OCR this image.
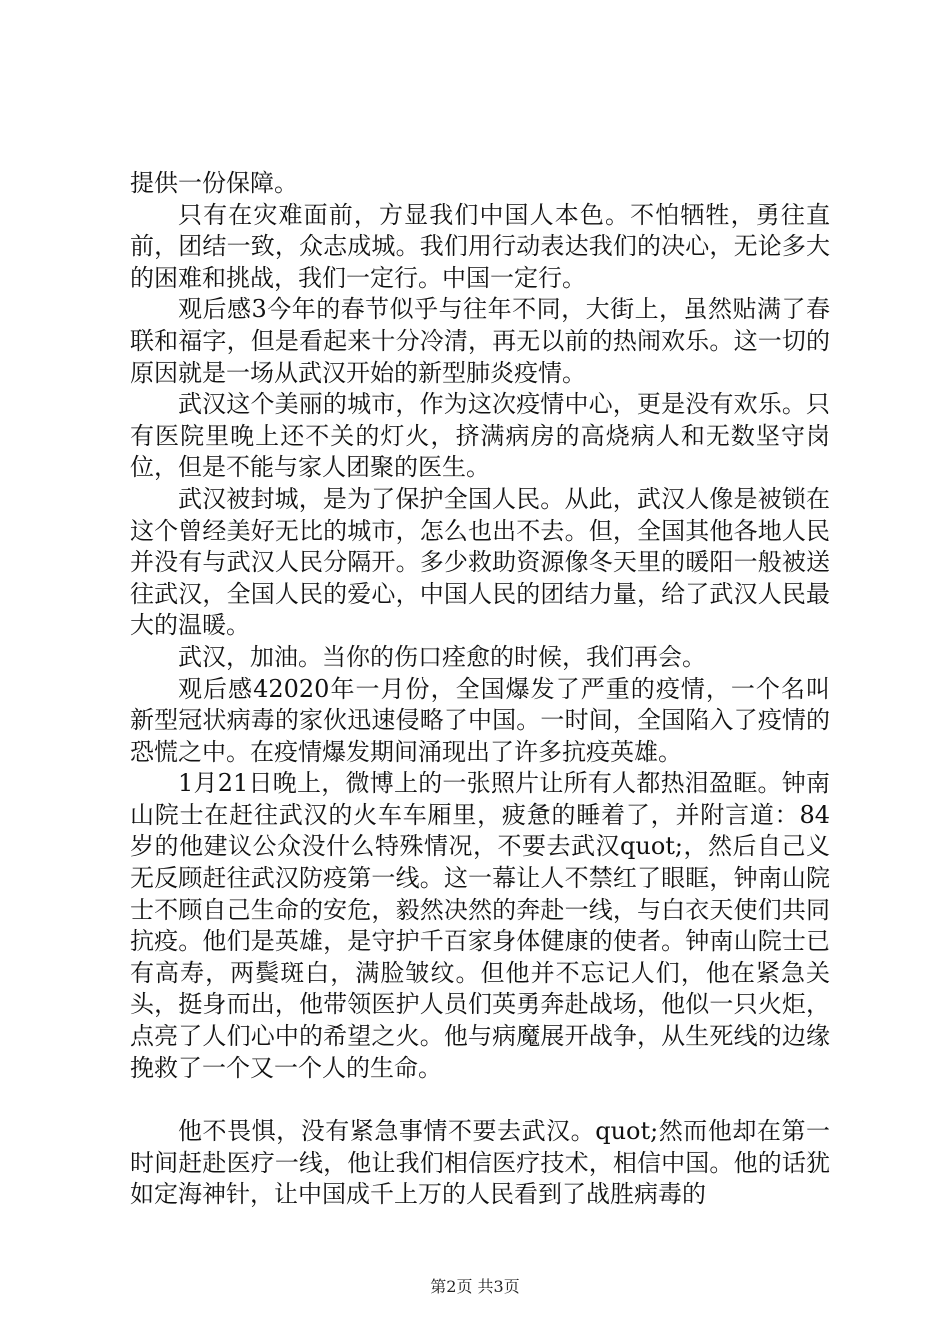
提供一份保障。

只有在灾难面前，方显我们中国人本色。不怕牺牲，勇往直前，团结一致，众志成城。我们用行动表达我们的决心，无论多大的困难和挑战，我们一定行。中国一定行。

观后感3今年的春节似乎与往年不同，大街上，虽然贴满了春联和福字，但是看起来十分冷清，再无以前的热闹欢乐。这一切的原因就是一场从武汉开始的新型肺炎疫情。

武汉这个美丽的城市，作为这次疫情中心，更是没有欢乐。只有医院里晚上还不关的灯火，挤满病房的高烧病人和无数坚守岗位，但是不能与家人团聚的医生。

武汉被封城，是为了保护全国人民。从此，武汉人像是被锁在这个曾经美好无比的城市，怎么也出不去。但，全国其他各地人民并没有与武汉人民分隔开。多少救助资源像冬天里的暖阳一般被送往武汉，全国人民的爱心，中国人民的团结力量，给了武汉人民最大的温暖。

武汉，加油。当你的伤口痊愈的时候，我们再会。

观后感42020年一月份，全国爆发了严重的疫情，一个名叫新型冠状病毒的家伙迅速侵略了中国。一时间，全国陷入了疫情的恐慌之中。在疫情爆发期间涌现出了许多抗疫英雄。

1月21日晚上，微博上的一张照片让所有人都热泪盈眶。钟南山院士在赶往武汉的火车车厢里，疲惫的睡着了，并附言道：84岁的他建议公众没什么特殊情况，不要去武汉quot;，然后自己义无反顾赶往武汉防疫第一线。这一幕让人不禁红了眼眶，钟南山院士不顾自己生命的安危，毅然决然的奔赴一线，与白衣天使们共同抗疫。他们是英雄，是守护千百家身体健康的使者。钟南山院士已有高寿，两鬓斑白，满脸皱纹。但他并不忘记人们，他在紧急关头，挺身而出，他带领医护人员们英勇奔赴战场，他似一只火炬，点亮了人们心中的希望之火。他与病魔展开战争，从生死线的边缘挽救了一个又一个人的生命。

他不畏惧，没有紧急事情不要去武汉。quot;然而他却在第一时间赶赴医疗一线，他让我们相信医疗技术，相信中国。他的话犹如定海神针，让中国成千上万的人民看到了战胜病毒的

第2页 共3页
